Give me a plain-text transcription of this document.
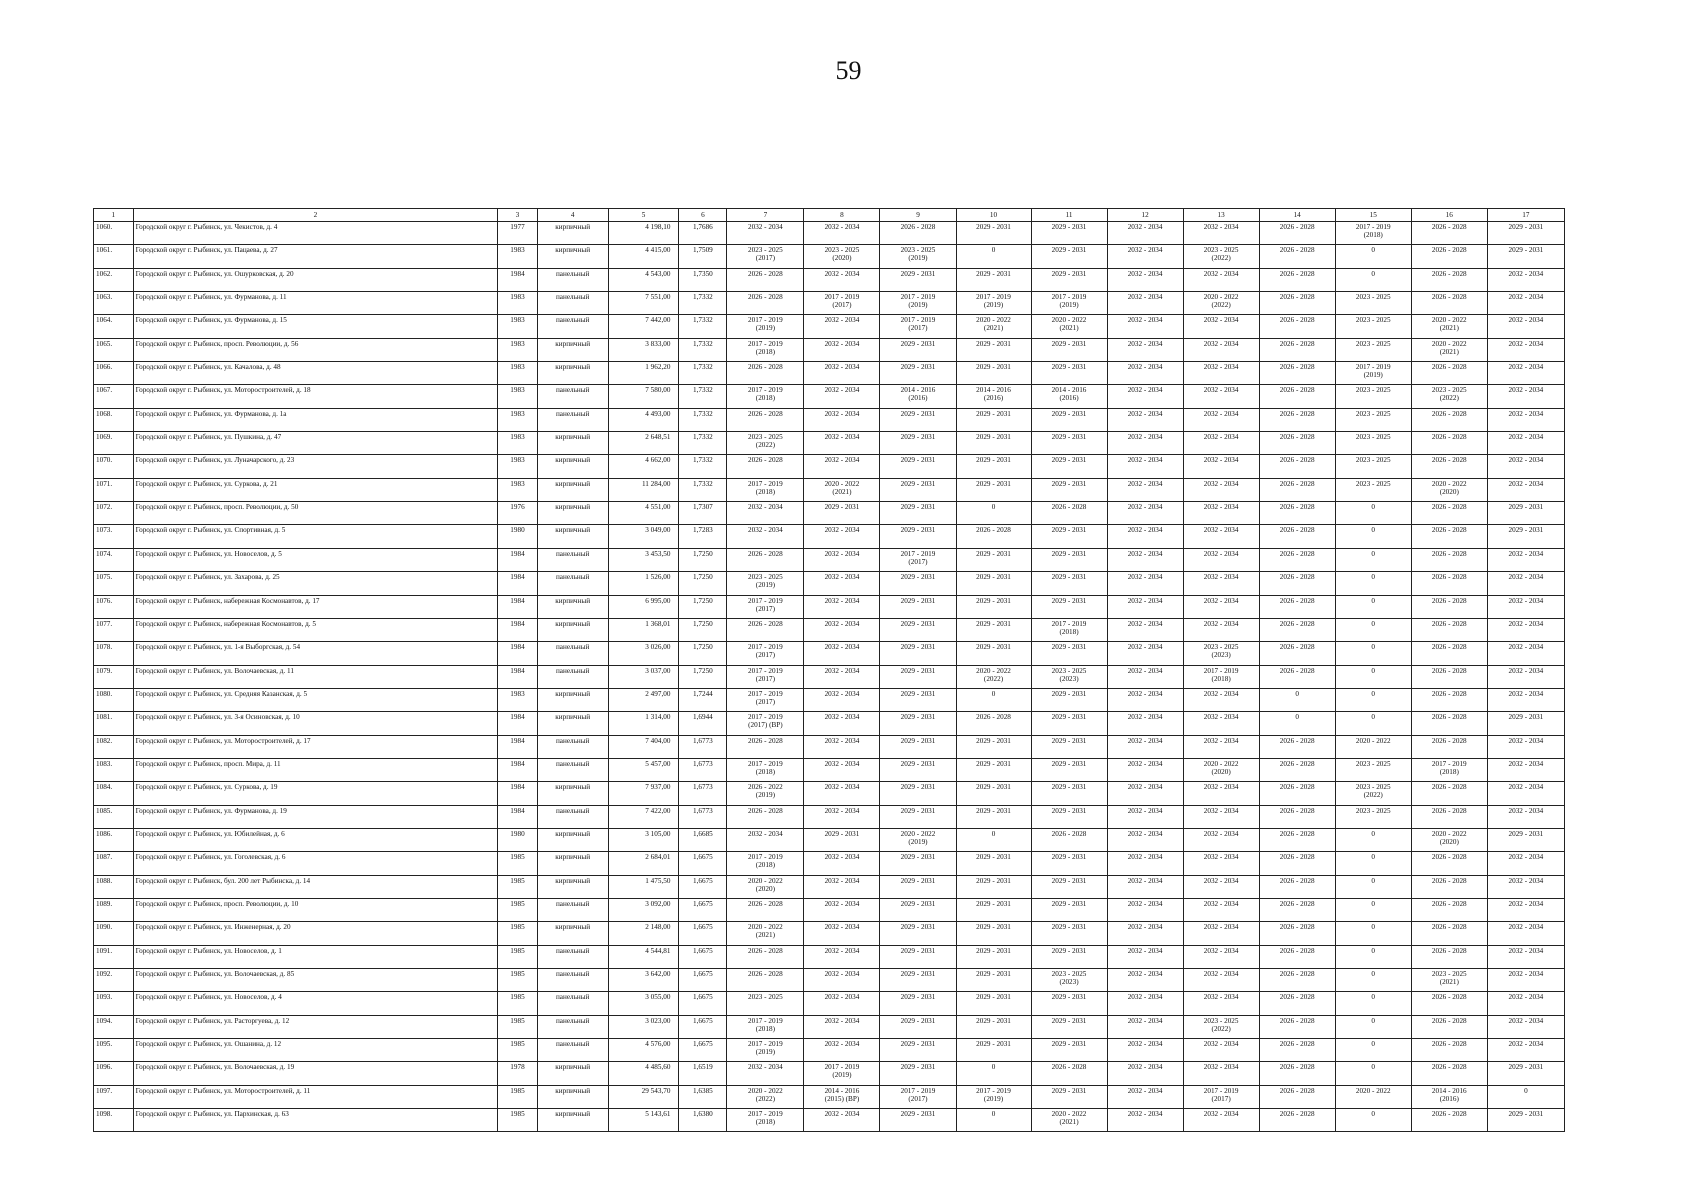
59
1	2	3	4	5	6	7	8	9	10	11	12	13	14	15	16	17
1060.	Городской округ г. Рыбинск, ул. Чекистов, д. 4	1977	кирпичный	4 198,10	1,7686	2032 - 2034	2032 - 2034	2026 - 2028	2029 - 2031	2029 - 2031	2032 - 2034	2032 - 2034	2026 - 2028	2017 - 2019
(2018)	2026 - 2028	2029 - 2031
1061.	Городской округ г. Рыбинск, ул. Пацаева, д. 27	1983	кирпичный	4 415,00	1,7509	2023 - 2025
(2017)	2023 - 2025
(2020)	2023 - 2025
(2019)	0	2029 - 2031	2032 - 2034	2023 - 2025
(2022)	2026 - 2028	0	2026 - 2028	2029 - 2031
1062.	Городской округ г. Рыбинск, ул. Ошурковская, д. 20	1984	панельный	4 543,00	1,7350	2026 - 2028	2032 - 2034	2029 - 2031	2029 - 2031	2029 - 2031	2032 - 2034	2032 - 2034	2026 - 2028	0	2026 - 2028	2032 - 2034
1063.	Городской округ г. Рыбинск, ул. Фурманова, д. 11	1983	панельный	7 551,00	1,7332	2026 - 2028	2017 - 2019
(2017)	2017 - 2019
(2019)	2017 - 2019
(2019)	2017 - 2019
(2019)	2032 - 2034	2020 - 2022
(2022)	2026 - 2028	2023 - 2025	2026 - 2028	2032 - 2034
1064.	Городской округ г. Рыбинск, ул. Фурманова, д. 15	1983	панельный	7 442,00	1,7332	2017 - 2019
(2019)	2032 - 2034	2017 - 2019
(2017)	2020 - 2022
(2021)	2020 - 2022
(2021)	2032 - 2034	2032 - 2034	2026 - 2028	2023 - 2025	2020 - 2022
(2021)	2032 - 2034
1065.	Городской округ г. Рыбинск, просп. Революции, д. 56	1983	кирпичный	3 833,00	1,7332	2017 - 2019
(2018)	2032 - 2034	2029 - 2031	2029 - 2031	2029 - 2031	2032 - 2034	2032 - 2034	2026 - 2028	2023 - 2025	2020 - 2022
(2021)	2032 - 2034
1066.	Городской округ г. Рыбинск, ул. Качалова, д. 48	1983	кирпичный	1 962,20	1,7332	2026 - 2028	2032 - 2034	2029 - 2031	2029 - 2031	2029 - 2031	2032 - 2034	2032 - 2034	2026 - 2028	2017 - 2019
(2019)	2026 - 2028	2032 - 2034
1067.	Городской округ г. Рыбинск, ул. Моторостроителей, д. 18	1983	панельный	7 580,00	1,7332	2017 - 2019
(2018)	2032 - 2034	2014 - 2016
(2016)	2014 - 2016
(2016)	2014 - 2016
(2016)	2032 - 2034	2032 - 2034	2026 - 2028	2023 - 2025	2023 - 2025
(2022)	2032 - 2034
1068.	Городской округ г. Рыбинск, ул. Фурманова, д. 1а	1983	панельный	4 493,00	1,7332	2026 - 2028	2032 - 2034	2029 - 2031	2029 - 2031	2029 - 2031	2032 - 2034	2032 - 2034	2026 - 2028	2023 - 2025	2026 - 2028	2032 - 2034
1069.	Городской округ г. Рыбинск, ул. Пушкина, д. 47	1983	кирпичный	2 648,51	1,7332	2023 - 2025
(2022)	2032 - 2034	2029 - 2031	2029 - 2031	2029 - 2031	2032 - 2034	2032 - 2034	2026 - 2028	2023 - 2025	2026 - 2028	2032 - 2034
1070.	Городской округ г. Рыбинск, ул. Луначарского, д. 23	1983	кирпичный	4 662,00	1,7332	2026 - 2028	2032 - 2034	2029 - 2031	2029 - 2031	2029 - 2031	2032 - 2034	2032 - 2034	2026 - 2028	2023 - 2025	2026 - 2028	2032 - 2034
1071.	Городской округ г. Рыбинск, ул. Суркова, д. 21	1983	кирпичный	11 284,00	1,7332	2017 - 2019
(2018)	2020 - 2022
(2021)	2029 - 2031	2029 - 2031	2029 - 2031	2032 - 2034	2032 - 2034	2026 - 2028	2023 - 2025	2020 - 2022
(2020)	2032 - 2034
1072.	Городской округ г. Рыбинск, просп. Революции, д. 50	1976	кирпичный	4 551,00	1,7307	2032 - 2034	2029 - 2031	2029 - 2031	0	2026 - 2028	2032 - 2034	2032 - 2034	2026 - 2028	0	2026 - 2028	2029 - 2031
1073.	Городской округ г. Рыбинск, ул. Спортивная, д. 5	1980	кирпичный	3 049,00	1,7283	2032 - 2034	2032 - 2034	2029 - 2031	2026 - 2028	2029 - 2031	2032 - 2034	2032 - 2034	2026 - 2028	0	2026 - 2028	2029 - 2031
1074.	Городской округ г. Рыбинск, ул. Новоселов, д. 5	1984	панельный	3 453,50	1,7250	2026 - 2028	2032 - 2034	2017 - 2019
(2017)	2029 - 2031	2029 - 2031	2032 - 2034	2032 - 2034	2026 - 2028	0	2026 - 2028	2032 - 2034
1075.	Городской округ г. Рыбинск, ул. Захарова, д. 25	1984	панельный	1 526,00	1,7250	2023 - 2025
(2019)	2032 - 2034	2029 - 2031	2029 - 2031	2029 - 2031	2032 - 2034	2032 - 2034	2026 - 2028	0	2026 - 2028	2032 - 2034
1076.	Городской округ г. Рыбинск, набережная Космонавтов, д. 17	1984	кирпичный	6 995,00	1,7250	2017 - 2019
(2017)	2032 - 2034	2029 - 2031	2029 - 2031	2029 - 2031	2032 - 2034	2032 - 2034	2026 - 2028	0	2026 - 2028	2032 - 2034
1077.	Городской округ г. Рыбинск, набережная Космонавтов, д. 5	1984	кирпичный	1 368,01	1,7250	2026 - 2028	2032 - 2034	2029 - 2031	2029 - 2031	2017 - 2019
(2018)	2032 - 2034	2032 - 2034	2026 - 2028	0	2026 - 2028	2032 - 2034
1078.	Городской округ г. Рыбинск, ул. 1-я Выборгская, д. 54	1984	панельный	3 026,00	1,7250	2017 - 2019
(2017)	2032 - 2034	2029 - 2031	2029 - 2031	2029 - 2031	2032 - 2034	2023 - 2025
(2023)	2026 - 2028	0	2026 - 2028	2032 - 2034
1079.	Городской округ г. Рыбинск, ул. Волочаевская, д. 11	1984	панельный	3 037,00	1,7250	2017 - 2019
(2017)	2032 - 2034	2029 - 2031	2020 - 2022
(2022)	2023 - 2025
(2023)	2032 - 2034	2017 - 2019
(2018)	2026 - 2028	0	2026 - 2028	2032 - 2034
1080.	Городской округ г. Рыбинск, ул. Средняя Казанская, д. 5	1983	кирпичный	2 497,00	1,7244	2017 - 2019
(2017)	2032 - 2034	2029 - 2031	0	2029 - 2031	2032 - 2034	2032 - 2034	0	0	2026 - 2028	2032 - 2034
1081.	Городской округ г. Рыбинск, ул. 3-я Осиновская, д. 10	1984	кирпичный	1 314,00	1,6944	2017 - 2019
(2017) (ВР)	2032 - 2034	2029 - 2031	2026 - 2028	2029 - 2031	2032 - 2034	2032 - 2034	0	0	2026 - 2028	2029 - 2031
1082.	Городской округ г. Рыбинск, ул. Моторостроителей, д. 17	1984	панельный	7 404,00	1,6773	2026 - 2028	2032 - 2034	2029 - 2031	2029 - 2031	2029 - 2031	2032 - 2034	2032 - 2034	2026 - 2028	2020 - 2022	2026 - 2028	2032 - 2034
1083.	Городской округ г. Рыбинск, просп. Мира, д. 11	1984	панельный	5 457,00	1,6773	2017 - 2019
(2018)	2032 - 2034	2029 - 2031	2029 - 2031	2029 - 2031	2032 - 2034	2020 - 2022
(2020)	2026 - 2028	2023 - 2025	2017 - 2019
(2018)	2032 - 2034
1084.	Городской округ г. Рыбинск, ул. Суркова, д. 19	1984	кирпичный	7 937,00	1,6773	2026 - 2022
(2019)	2032 - 2034	2029 - 2031	2029 - 2031	2029 - 2031	2032 - 2034	2032 - 2034	2026 - 2028	2023 - 2025
(2022)	2026 - 2028	2032 - 2034
1085.	Городской округ г. Рыбинск, ул. Фурманова, д. 19	1984	панельный	7 422,00	1,6773	2026 - 2028	2032 - 2034	2029 - 2031	2029 - 2031	2029 - 2031	2032 - 2034	2032 - 2034	2026 - 2028	2023 - 2025	2026 - 2028	2032 - 2034
1086.	Городской округ г. Рыбинск, ул. Юбилейная, д. 6	1980	кирпичный	3 105,00	1,6685	2032 - 2034	2029 - 2031	2020 - 2022
(2019)	0	2026 - 2028	2032 - 2034	2032 - 2034	2026 - 2028	0	2020 - 2022
(2020)	2029 - 2031
1087.	Городской округ г. Рыбинск, ул. Гоголевская, д. 6	1985	кирпичный	2 684,01	1,6675	2017 - 2019
(2018)	2032 - 2034	2029 - 2031	2029 - 2031	2029 - 2031	2032 - 2034	2032 - 2034	2026 - 2028	0	2026 - 2028	2032 - 2034
1088.	Городской округ г. Рыбинск, бул. 200 лет Рыбинска, д. 14	1985	кирпичный	1 475,50	1,6675	2020 - 2022
(2020)	2032 - 2034	2029 - 2031	2029 - 2031	2029 - 2031	2032 - 2034	2032 - 2034	2026 - 2028	0	2026 - 2028	2032 - 2034
1089.	Городской округ г. Рыбинск, просп. Революции, д. 10	1985	панельный	3 092,00	1,6675	2026 - 2028	2032 - 2034	2029 - 2031	2029 - 2031	2029 - 2031	2032 - 2034	2032 - 2034	2026 - 2028	0	2026 - 2028	2032 - 2034
1090.	Городской округ г. Рыбинск, ул. Инженерная, д. 20	1985	кирпичный	2 148,00	1,6675	2020 - 2022
(2021)	2032 - 2034	2029 - 2031	2029 - 2031	2029 - 2031	2032 - 2034	2032 - 2034	2026 - 2028	0	2026 - 2028	2032 - 2034
1091.	Городской округ г. Рыбинск, ул. Новоселов, д. 1	1985	панельный	4 544,81	1,6675	2026 - 2028	2032 - 2034	2029 - 2031	2029 - 2031	2029 - 2031	2032 - 2034	2032 - 2034	2026 - 2028	0	2026 - 2028	2032 - 2034
1092.	Городской округ г. Рыбинск, ул. Волочаевская, д. 85	1985	панельный	3 642,00	1,6675	2026 - 2028	2032 - 2034	2029 - 2031	2029 - 2031	2023 - 2025
(2023)	2032 - 2034	2032 - 2034	2026 - 2028	0	2023 - 2025
(2021)	2032 - 2034
1093.	Городской округ г. Рыбинск, ул. Новоселов, д. 4	1985	панельный	3 055,00	1,6675	2023 - 2025	2032 - 2034	2029 - 2031	2029 - 2031	2029 - 2031	2032 - 2034	2032 - 2034	2026 - 2028	0	2026 - 2028	2032 - 2034
1094.	Городской округ г. Рыбинск, ул. Расторгуева, д. 12	1985	панельный	3 023,00	1,6675	2017 - 2019
(2018)	2032 - 2034	2029 - 2031	2029 - 2031	2029 - 2031	2032 - 2034	2023 - 2025
(2022)	2026 - 2028	0	2026 - 2028	2032 - 2034
1095.	Городской округ г. Рыбинск, ул. Ошанина, д. 12	1985	панельный	4 576,00	1,6675	2017 - 2019
(2019)	2032 - 2034	2029 - 2031	2029 - 2031	2029 - 2031	2032 - 2034	2032 - 2034	2026 - 2028	0	2026 - 2028	2032 - 2034
1096.	Городской округ г. Рыбинск, ул. Волочаевская, д. 19	1978	кирпичный	4 485,60	1,6519	2032 - 2034	2017 - 2019
(2019)	2029 - 2031	0	2026 - 2028	2032 - 2034	2032 - 2034	2026 - 2028	0	2026 - 2028	2029 - 2031
1097.	Городской округ г. Рыбинск, ул. Моторостроителей, д. 11	1985	кирпичный	29 543,70	1,6385	2020 - 2022
(2022)	2014 - 2016
(2015) (ВР)	2017 - 2019
(2017)	2017 - 2019
(2019)	2029 - 2031	2032 - 2034	2017 - 2019
(2017)	2026 - 2028	2020 - 2022	2014 - 2016
(2016)	0
1098.	Городской округ г. Рыбинск, ул. Пархинская, д. 63	1985	кирпичный	5 143,61	1,6380	2017 - 2019
(2018)	2032 - 2034	2029 - 2031	0	2020 - 2022
(2021)	2032 - 2034	2032 - 2034	2026 - 2028	0	2026 - 2028	2029 - 2031
